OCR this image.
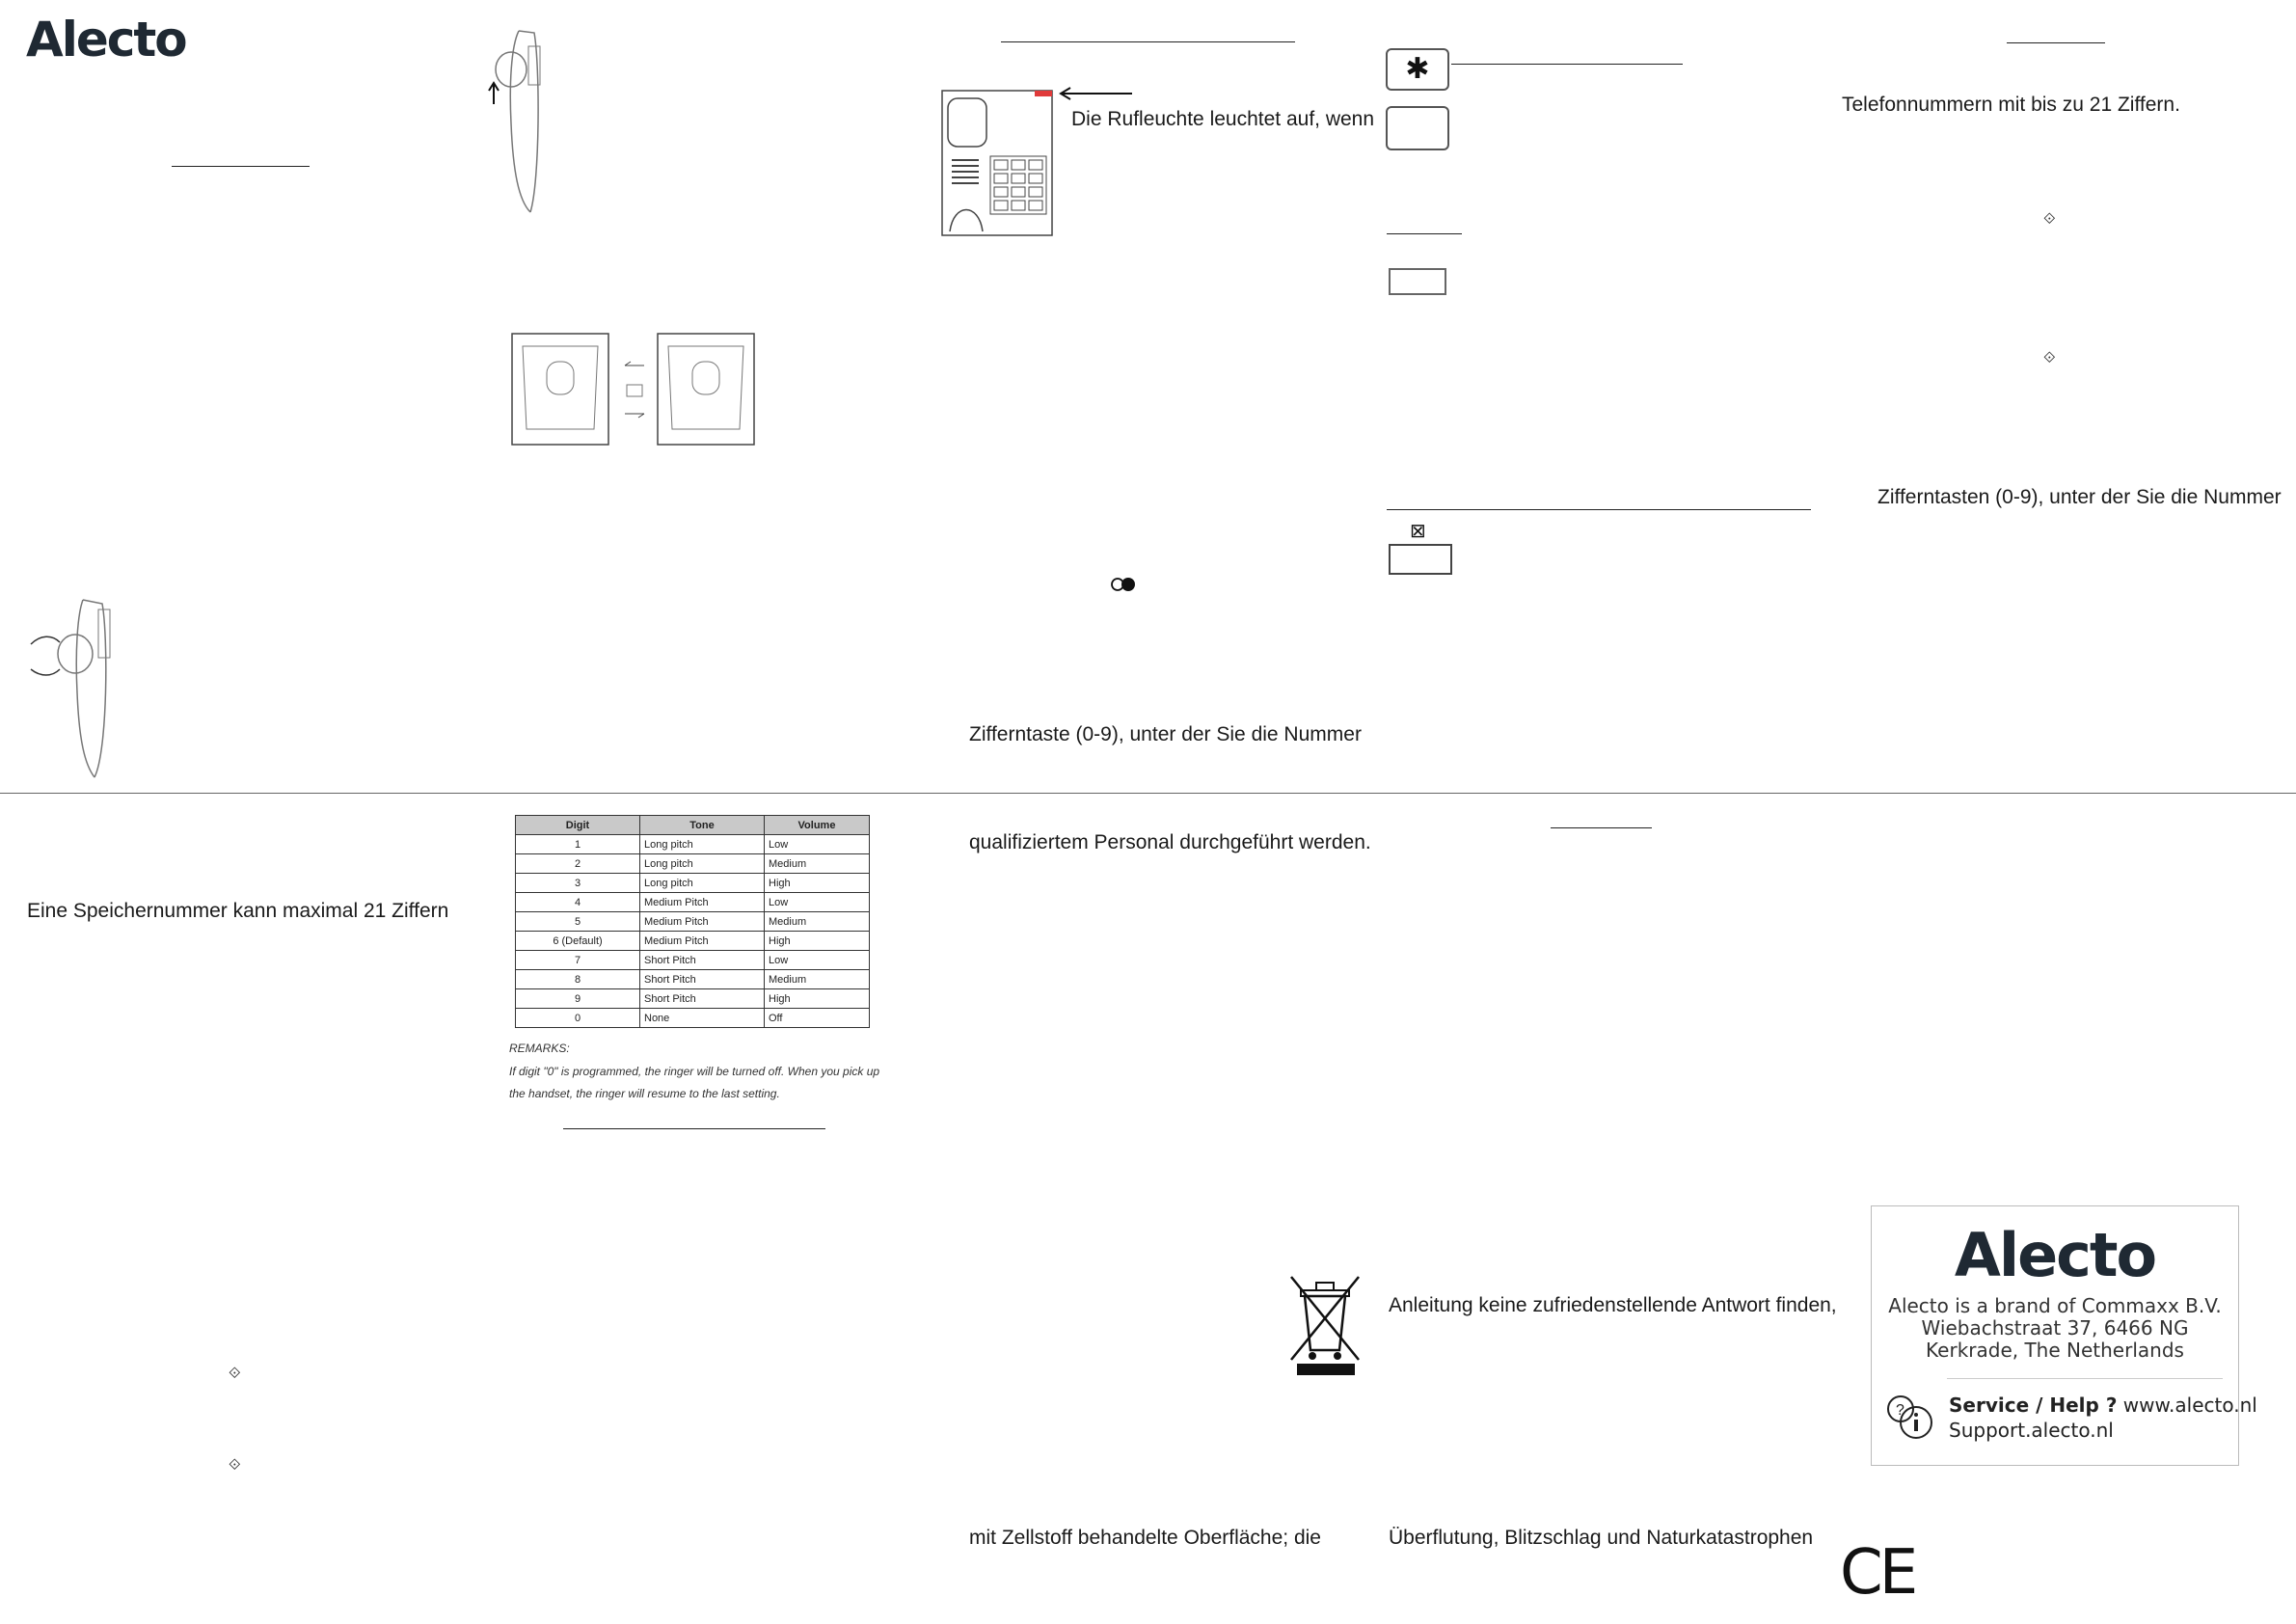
Alecto
Eine Speichernummer kann maximal 21 Ziffern
⟐
⟐
Digit	Tone	Volume
1	Long pitch	Low
2	Long pitch	Medium
3	Long pitch	High
4	Medium Pitch	Low
5	Medium Pitch	Medium
6 (Default)	Medium Pitch	High
7	Short Pitch	Low
8	Short Pitch	Medium
9	Short Pitch	High
0	None	Off
REMARKS:
If digit "0" is programmed, the ringer will be turned off. When you pick up
the handset, the ringer will resume to the last setting.
Die Rufleuchte leuchtet auf, wenn
Zifferntaste (0-9), unter der Sie die Nummer
qualifiziertem Personal durchgeführt werden.
mit Zellstoff behandelte Oberfläche; die
✱
⊠
Anleitung keine zufriedenstellende Antwort finden,
Überflutung, Blitzschlag und Naturkatastrophen
Telefonnummern mit bis zu 21 Ziffern.
⟐
⟐
Zifferntasten (0-9), unter der Sie die Nummer
Alecto
Alecto is a brand of Commaxx B.V.
Wiebachstraat 37, 6466 NG
Kerkrade, The Netherlands
? Service / Help ? www.alecto.nl
Support.alecto.nl
CE
